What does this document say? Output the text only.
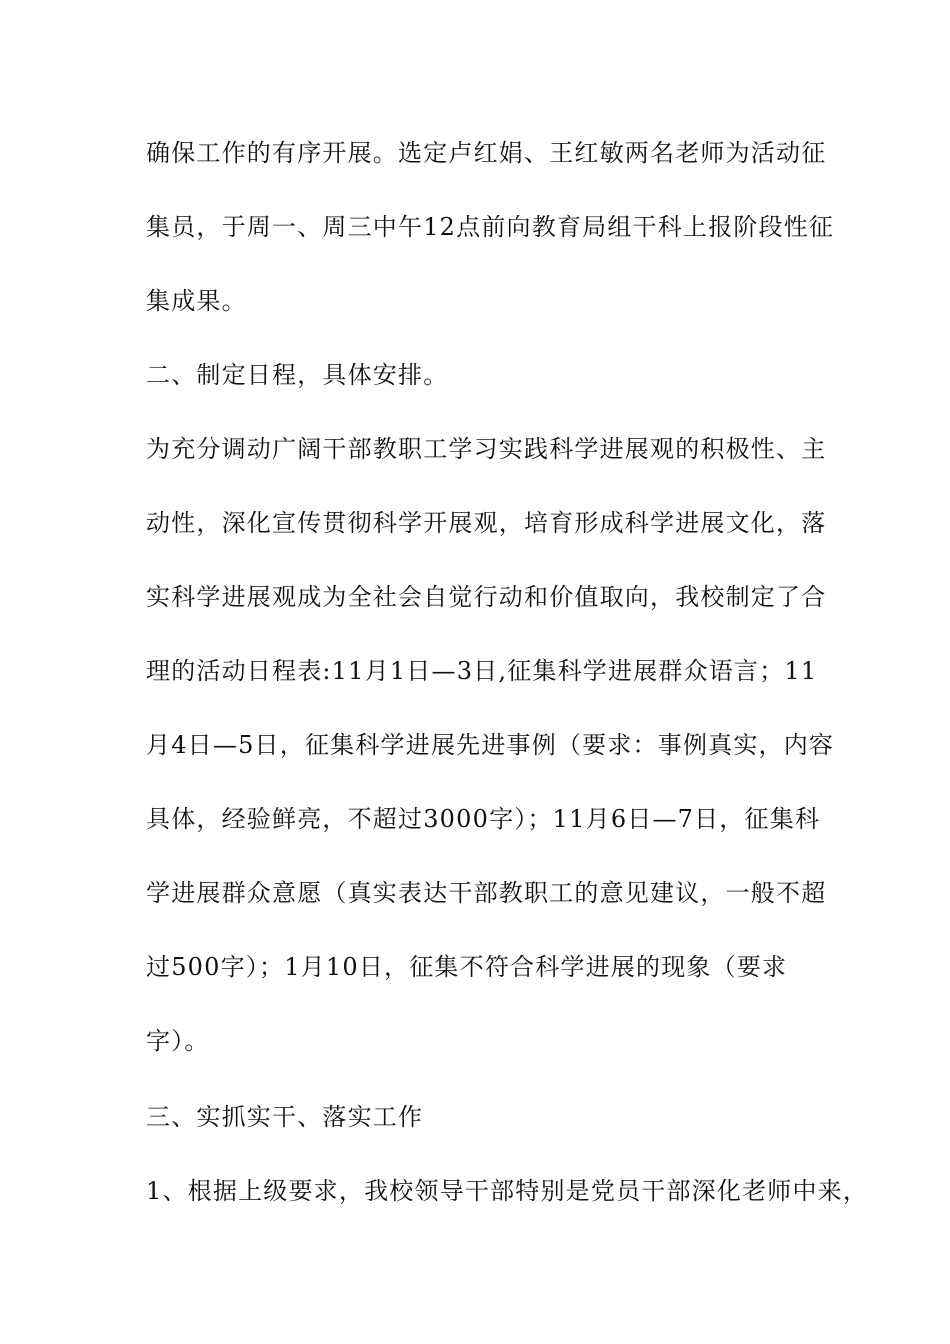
确保工作的有序开展。选定卢红娟、王红敏两名老师为活动征

集员，于周一、周三中午12点前向教育局组干科上报阶段性征

集成果。

二、制定日程，具体安排。

为充分调动广阔干部教职工学习实践科学进展观的积极性、主

动性，深化宣传贯彻科学开展观，培育形成科学进展文化，落

实科学进展观成为全社会自觉行动和价值取向，我校制定了合

理的活动日程表:11月1日—3日,征集科学进展群众语言；11

月4日—5日，征集科学进展先进事例（要求：事例真实，内容

具体，经验鲜亮，不超过3000字）；11月6日—7日，征集科

学进展群众意愿（真实表达干部教职工的意见建议，一般不超

过500字）；1月10日，征集不符合科学进展的现象（要求

字）。

三、实抓实干、落实工作

1、根据上级要求，我校领导干部特别是党员干部深化老师中来，
